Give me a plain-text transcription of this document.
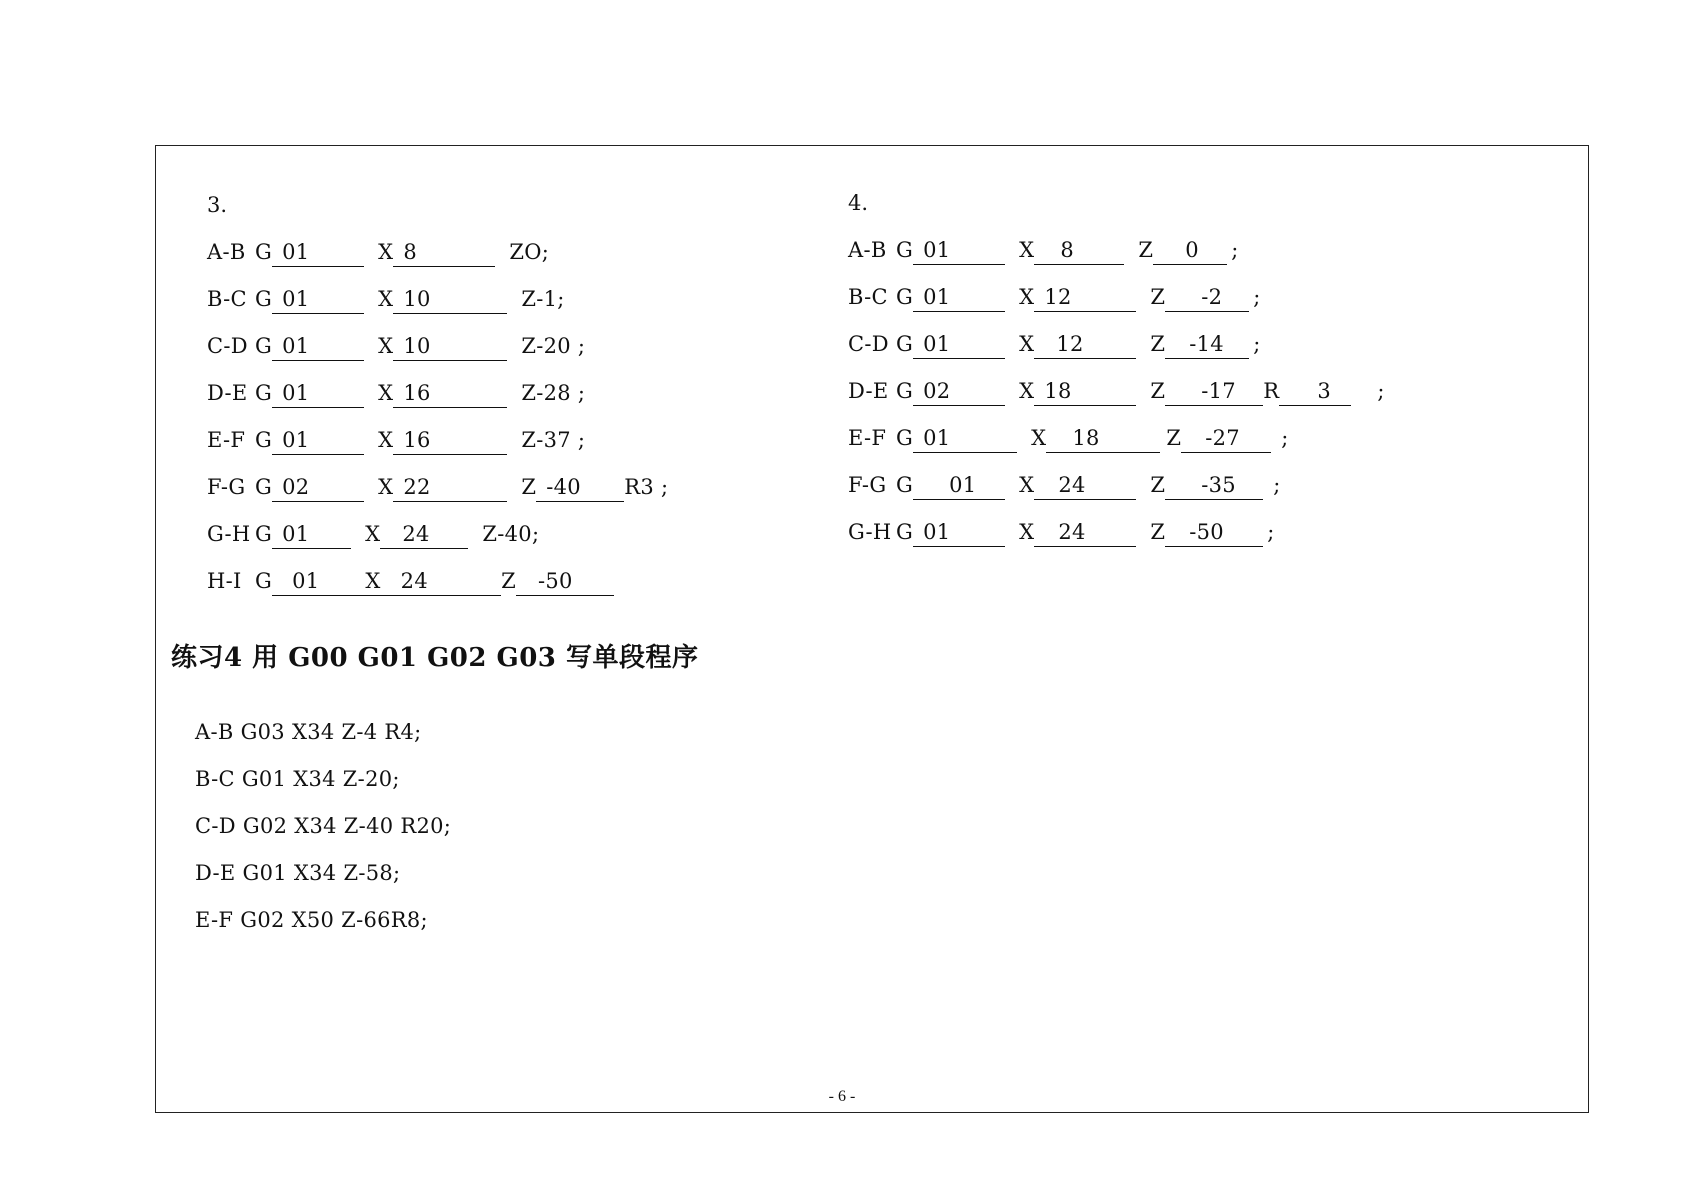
3.
A-B G 01	X 8	ZO;
B-C G 01	X 10	Z-1;
C-D G 01	X 10	Z-20 ;
D-E G 01	X 16	Z-28 ;
E-F G 01	X 16	Z-37 ;
F-G G 02	X 22	Z -40	R3 ;
G-H G 01	X	24	Z-40;
H-I G 01 X 24	Z	-50
4.
A-B G 01	X	8	Z	0	;
B-C G 01	X 12	Z	-2	;
C-D G 01	X	12	Z	-14	;
D-E G 02	X 18	Z	-17	R	3	;
E-F G 01	X	18	Z	-27	;
F-G G	01	X	24	Z	-35	;
G-H G 01	X	24	Z	-50	;
练习4 用 G00 G01 G02 G03 写单段程序
A-B G03 X34 Z-4 R4;
B-C G01 X34 Z-20;
C-D G02 X34 Z-40 R20;
D-E G01 X34 Z-58;
E-F G02 X50 Z-66R8;
- 6 -
